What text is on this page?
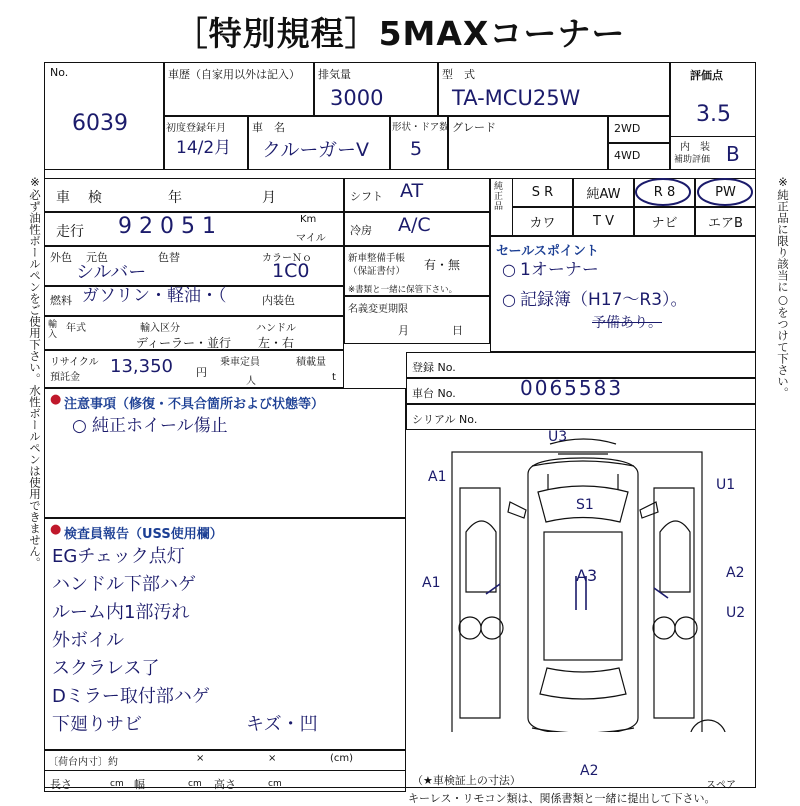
［特別規程］5MAXコーナー
※必ず油性ボールペンをご使用下さい。水性ボールペンは使用できません。	※純正品に限り該当に○をつけて下さい。
No.
6039
車歴（自家用以外は記入） 排気量
3000
型　式
TA-MCU25W
初度登録年月
14/2月
車　名
クルーガーV
形状・ドア数
5
グレード	2WD
4WD
評価点
3.5
内　装
補助評価 B
車　検	年	月
走行 92051	Km
マイル
外色 元色	色替	カラーＮｏ
シルバー	1C0
燃料 ガソリン・軽油・（	内装色
輸入
年式	輸入区分	ハンドル
ディーラー・並行 左・右
リサイクル
預託金
13,350 円
乗車定員
人
積載量
t
シフト AT
冷房 A/C
新車整備手帳
（保証書付） 有・無
※書類と一緒に保管下さい。
名義変更期限
月	日
純正品
S R	純AW	R 8	PW
カワ	T V	ナビ	エアB
セールスポイント
○ 1オーナー
○ 記録簿（H17～R3）。
予備あり。
登録 No.
車台 No.	0065583
シリアル No.
● 注意事項（修復・不具合箇所および状態等）
○ 純正ホイール傷止
● 検査員報告（USS使用欄）
EGチェック点灯
ハンドル下部ハゲ
ルーム内1部汚れ
外ボイル
スクラレス了
Dミラー取付部ハゲ
下廻りサビ	キズ・凹
〔荷台内寸〕約	×	×	(cm)
長さ	cm 幅	cm 高さ	cm	（★車検証上の寸法）
キーレス・リモコン類は、関係書類と一緒に提出して下さい。
U3
U1
A1
S1
A3	A2
A1
U2
A2
スペア
